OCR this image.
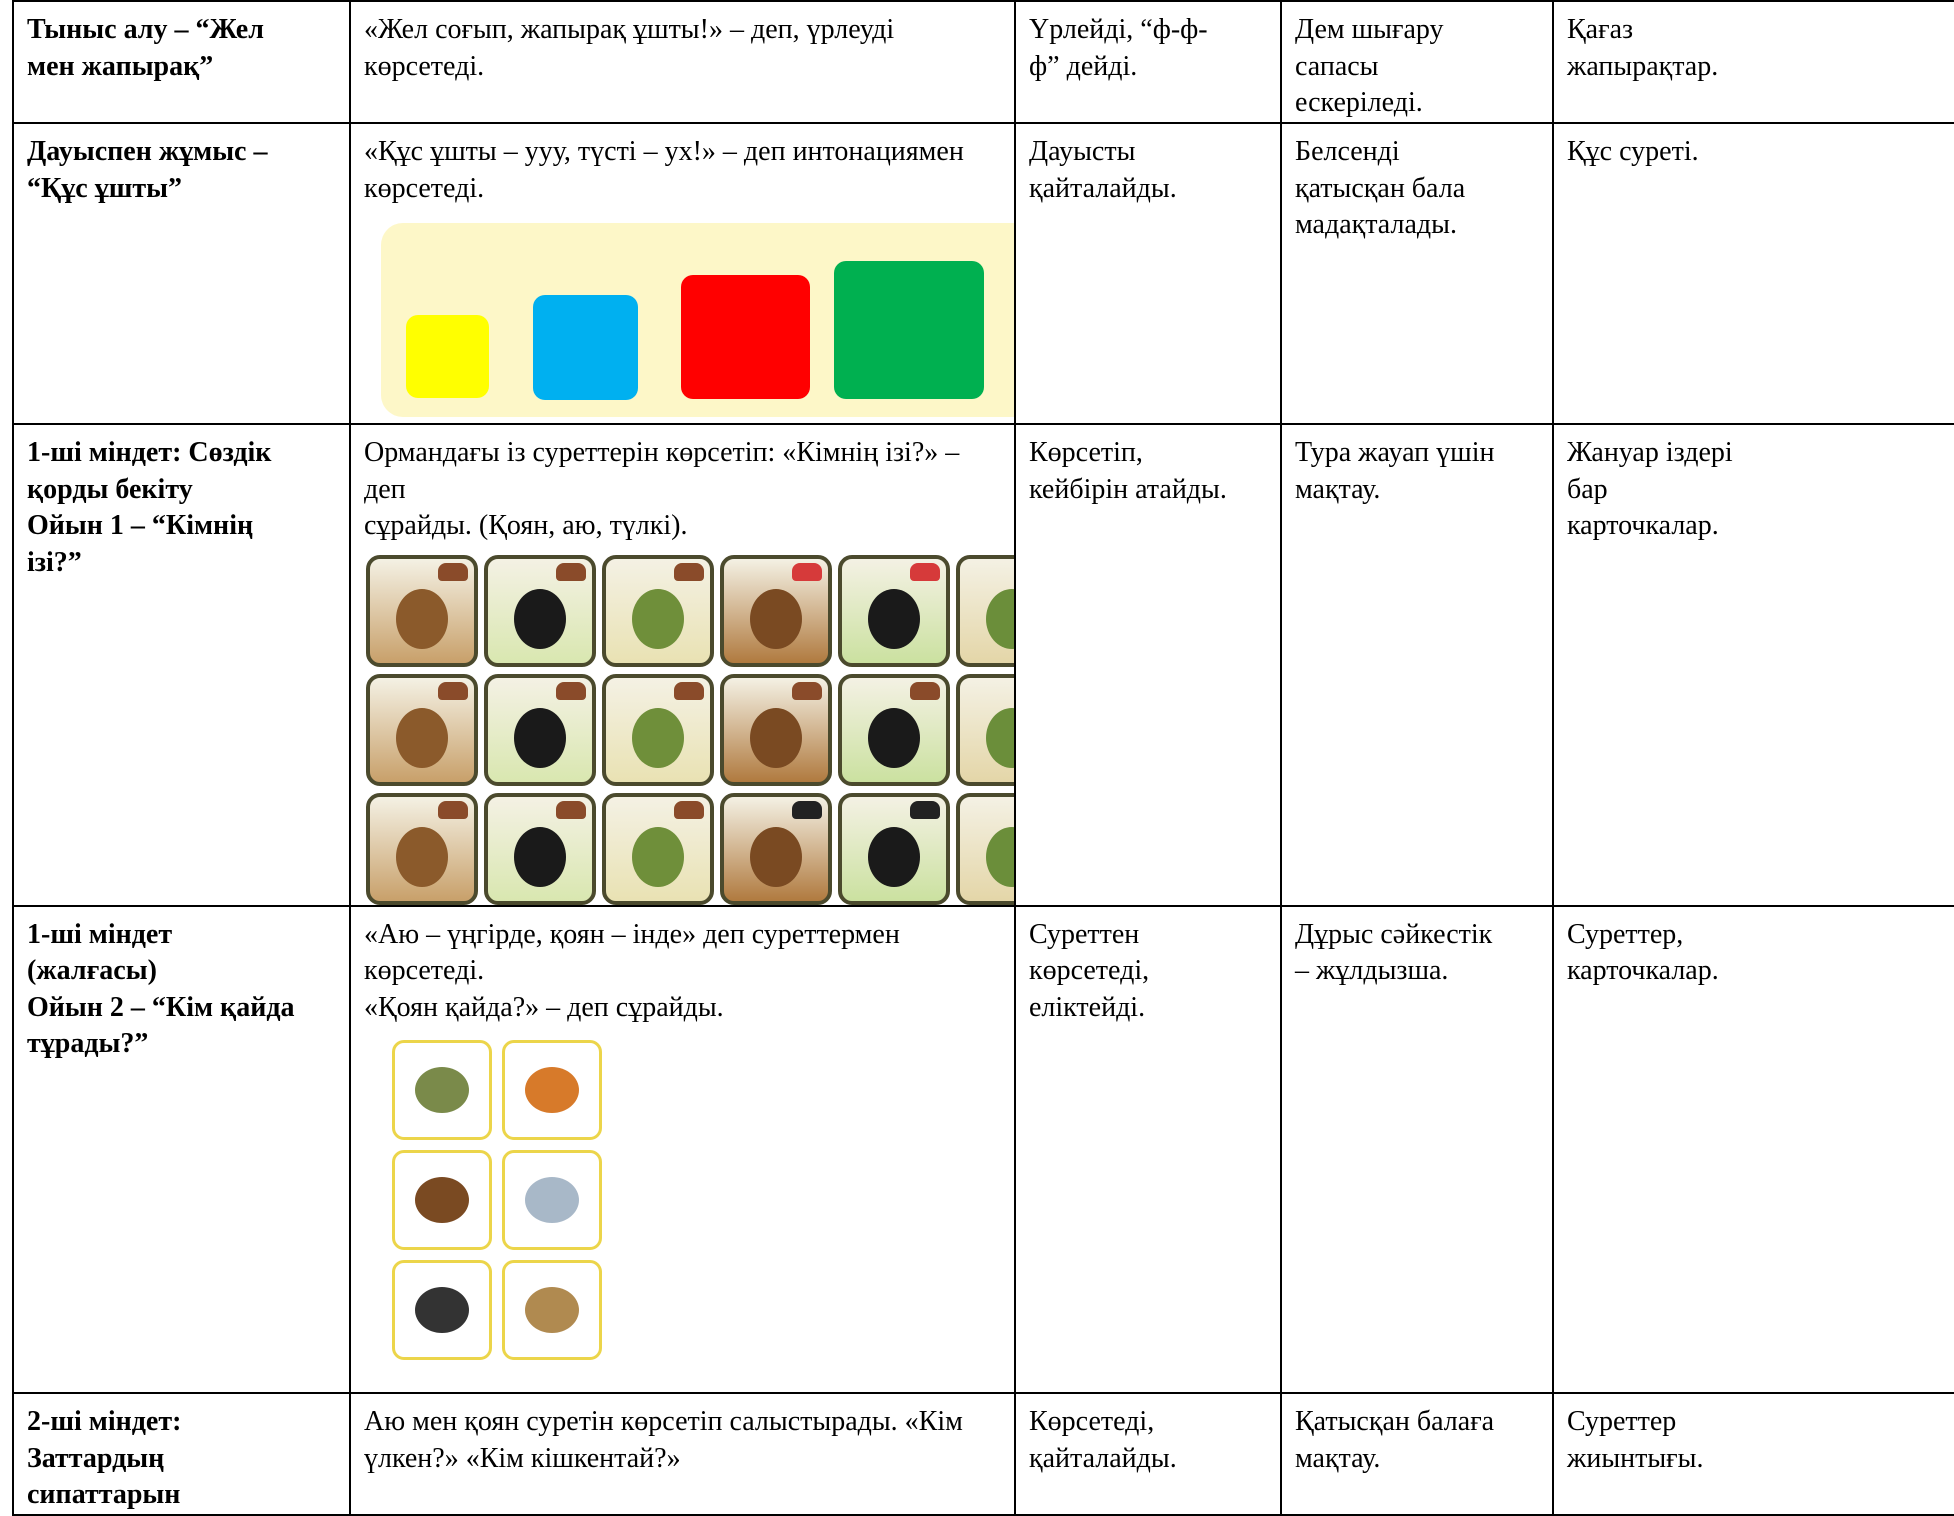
Тыныс алу – “Жел
мен жапырақ”	«Жел соғып, жапырақ ұшты!» – деп, үрлеуді көрсетеді.	Үрлейді, “ф-ф-
ф” дейді.	Дем шығару
сапасы
ескеріледі.	Қағаз
жапырақтар.

Дауыспен жұмыс –
“Құс ұшты”	«Құс ұшты – ууу, түсті – ух!» – деп интонациямен
көрсетеді.	Дауысты
қайталайды.	Белсенді
қатысқан бала
мадақталады.	Құс суреті.

1-ші міндет: Сөздік
қорды бекіту
Ойын 1 – “Кімнің
ізі?”	Ормандағы із суреттерін көрсетіп: «Кімнің ізі?» – деп
сұрайды. (Қоян, аю, түлкі).	Көрсетіп,
кейбірін атайды.	Тура жауап үшін
мақтау.	Жануар іздері
бар
карточкалар.

1-ші міндет
(жалғасы)
Ойын 2 – “Кім қайда
тұрады?”	«Аю – үңгірде, қоян – інде» деп суреттермен көрсетеді.
«Қоян қайда?» – деп сұрайды.	Суреттен
көрсетеді,
еліктейді.	Дұрыс сәйкестік
– жұлдызша.	Суреттер,
карточкалар.

2-ші міндет:
Заттардың
сипаттарын	Аю мен қоян суретін көрсетіп салыстырады. «Кім
үлкен?» «Кім кішкентай?»	Көрсетеді,
қайталайды.	Қатысқан балаға
мақтау.	Суреттер
жиынтығы.
